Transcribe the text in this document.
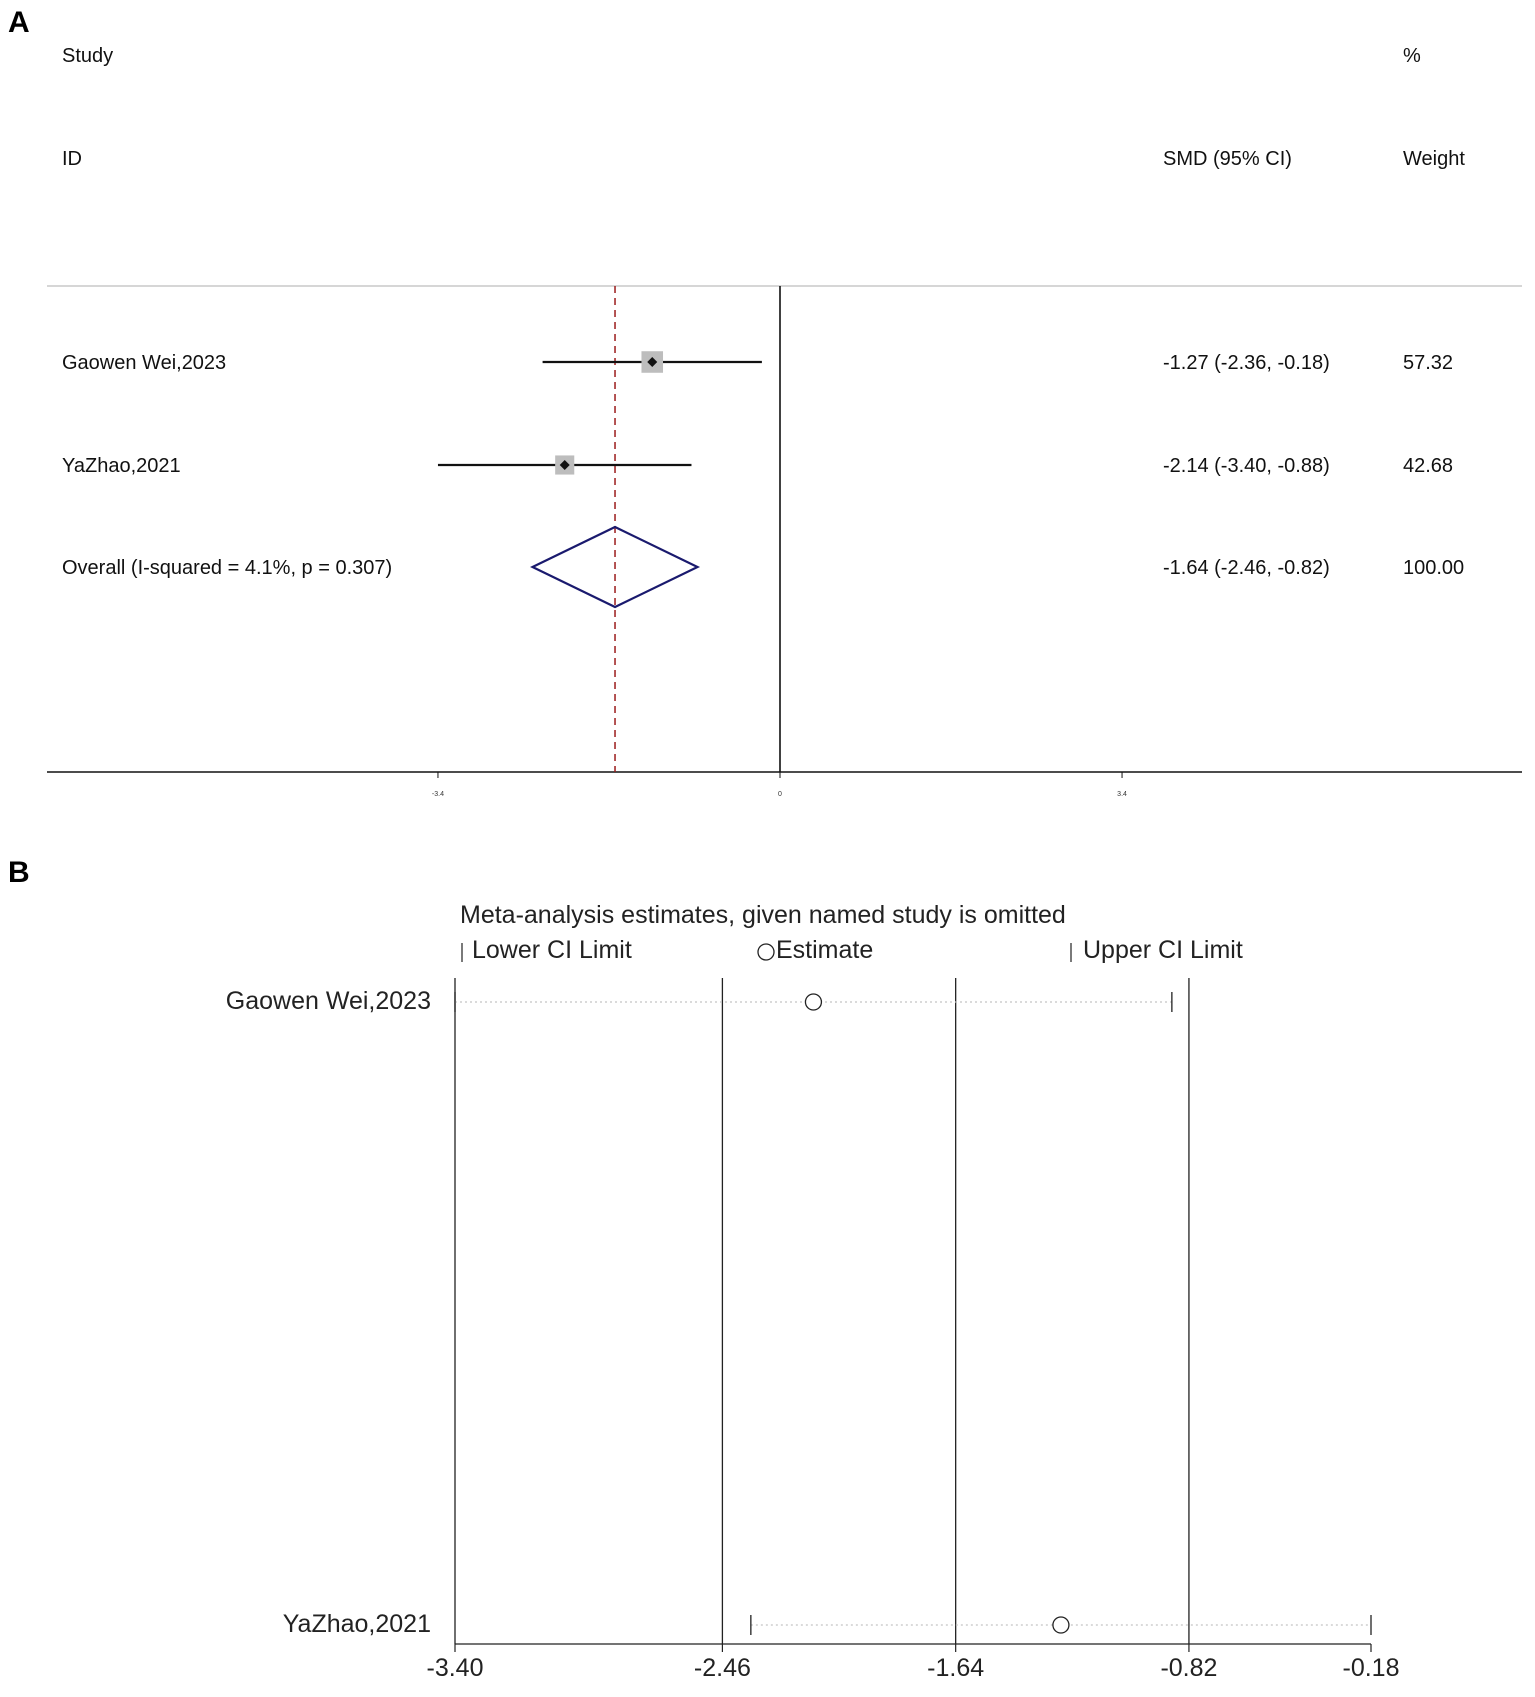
A
Study
ID
%
SMD (95% CI)	Weight
-3.4	0	3.4
Gaowen Wei,2023	-1.27 (-2.36, -0.18)	57.32
YaZhao,2021	-2.14 (-3.40, -0.88)	42.68
Overall (I-squared = 4.1%, p = 0.307)	-1.64 (-2.46, -0.82)	100.00
B
Meta-analysis estimates, given named study is omitted
Lower CI Limit	Estimate	Upper CI Limit
-3.40	-2.46	-1.64	-0.82	-0.18
Gaowen Wei,2023
YaZhao,2021
